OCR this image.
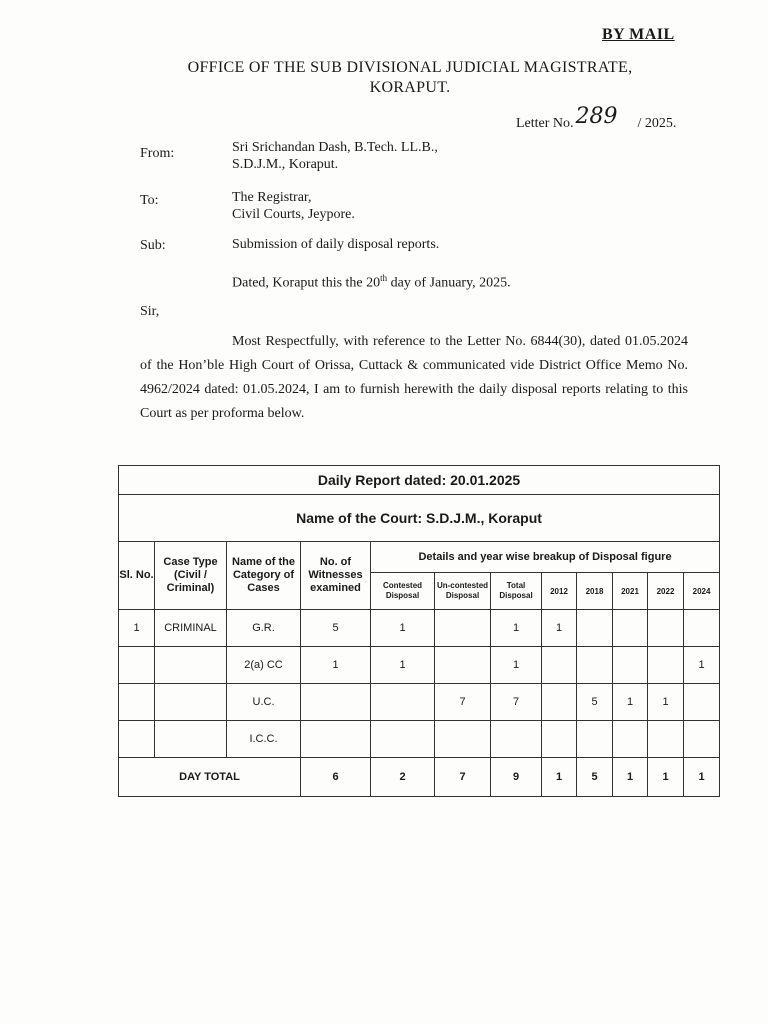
BY MAIL
OFFICE OF THE SUB DIVISIONAL JUDICIAL MAGISTRATE,
KORAPUT.
Letter No.289 / 2025.
From:	Sri Srichandan Dash, B.Tech. LL.B.,
S.D.J.M., Koraput.
To:	The Registrar,
Civil Courts, Jeypore.
Sub:	Submission of daily disposal reports.
Dated, Koraput this the 20th day of January, 2025.
Sir,
Most Respectfully, with reference to the Letter No. 6844(30), dated 01.05.2024 of the Hon’ble High Court of Orissa, Cuttack & communicated vide District Office Memo No. 4962/2024 dated: 01.05.2024, I am to furnish herewith the daily disposal reports relating to this Court as per proforma below.
Daily Report dated: 20.01.2025											
Name of the Court: S.D.J.M., Koraput											
Sl. No.	Case Type (Civil / Criminal)	Name of the Category of Cases	No. of Witnesses examined	Details and year wise breakup of Disposal figure							
				Contested Disposal	Un-contested Disposal	Total Disposal	2012	2018	2021	2022	2024
1	CRIMINAL	G.R.	5	1		1	1				
		2(a) CC	1	1		1					1
		U.C.			7	7		5	1	1	
		I.C.C.									
DAY TOTAL			6	2	7	9	1	5	1	1	1
